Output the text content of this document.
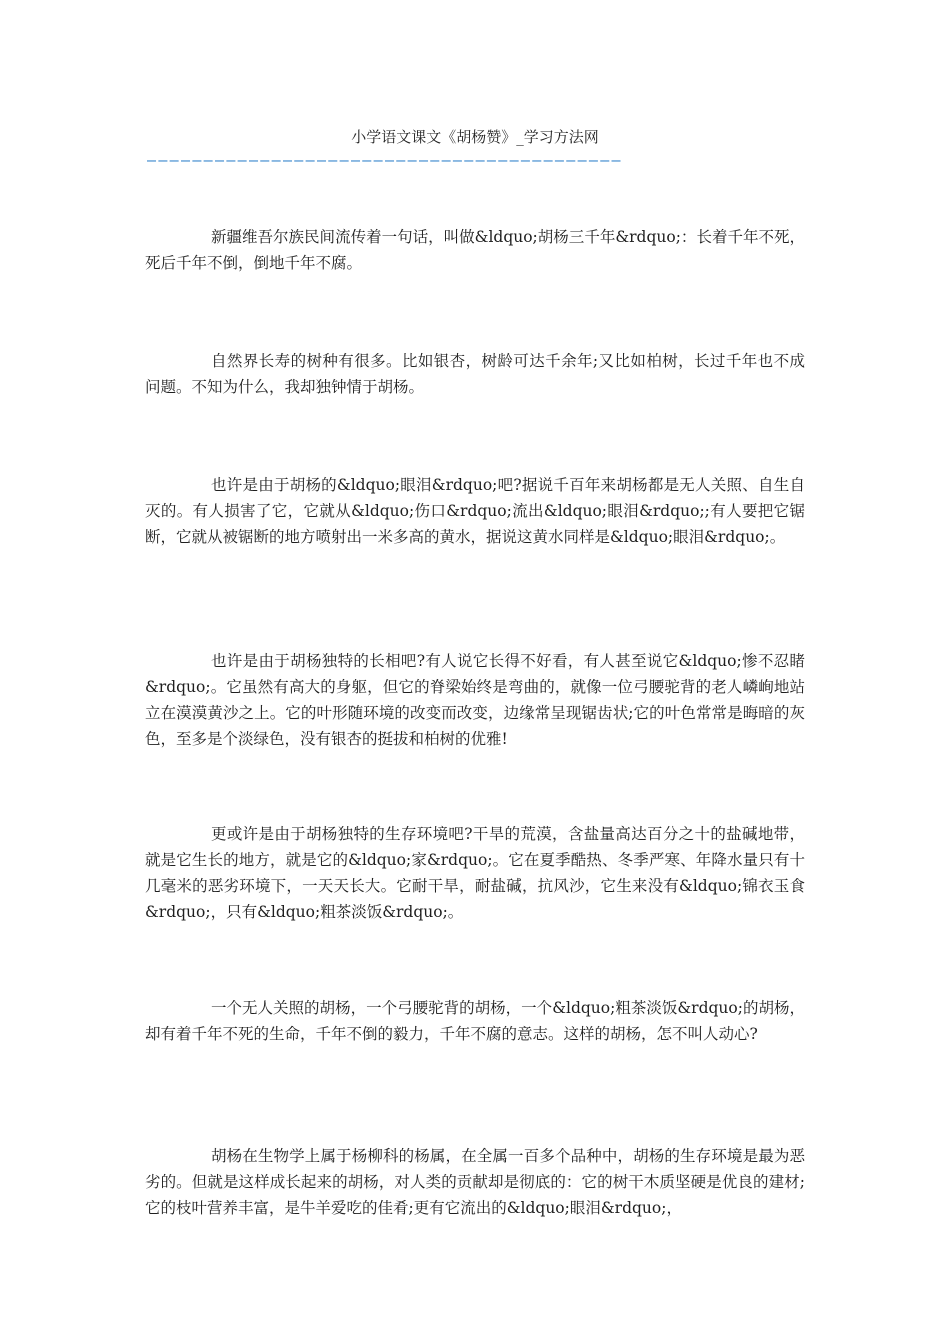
小学语文课文《胡杨赞》_学习方法网
——————————————————————————————————————————

新疆维吾尔族民间流传着一句话，叫做&ldquo;胡杨三千年&rdquo;：长着千年不死，死后千年不倒，倒地千年不腐。

自然界长寿的树种有很多。比如银杏，树龄可达千余年;又比如柏树，长过千年也不成问题。不知为什么，我却独钟情于胡杨。

也许是由于胡杨的&ldquo;眼泪&rdquo;吧?据说千百年来胡杨都是无人关照、自生自灭的。有人损害了它，它就从&ldquo;伤口&rdquo;流出&ldquo;眼泪&rdquo;;有人要把它锯断，它就从被锯断的地方喷射出一米多高的黄水，据说这黄水同样是&ldquo;眼泪&rdquo;。

也许是由于胡杨独特的长相吧?有人说它长得不好看，有人甚至说它&ldquo;惨不忍睹&rdquo;。它虽然有高大的身躯，但它的脊梁始终是弯曲的，就像一位弓腰驼背的老人嶙峋地站立在漠漠黄沙之上。它的叶形随环境的改变而改变，边缘常呈现锯齿状;它的叶色常常是晦暗的灰色，至多是个淡绿色，没有银杏的挺拔和柏树的优雅!

更或许是由于胡杨独特的生存环境吧?干旱的荒漠，含盐量高达百分之十的盐碱地带，就是它生长的地方，就是它的&ldquo;家&rdquo;。它在夏季酷热、冬季严寒、年降水量只有十几毫米的恶劣环境下，一天天长大。它耐干旱，耐盐碱，抗风沙，它生来没有&ldquo;锦衣玉食&rdquo;，只有&ldquo;粗茶淡饭&rdquo;。

一个无人关照的胡杨，一个弓腰驼背的胡杨，一个&ldquo;粗茶淡饭&rdquo;的胡杨，却有着千年不死的生命，千年不倒的毅力，千年不腐的意志。这样的胡杨，怎不叫人动心?

胡杨在生物学上属于杨柳科的杨属，在全属一百多个品种中，胡杨的生存环境是最为恶劣的。但就是这样成长起来的胡杨，对人类的贡献却是彻底的：它的树干木质坚硬是优良的建材;它的枝叶营养丰富，是牛羊爱吃的佳肴;更有它流出的&ldquo;眼泪&rdquo;，
